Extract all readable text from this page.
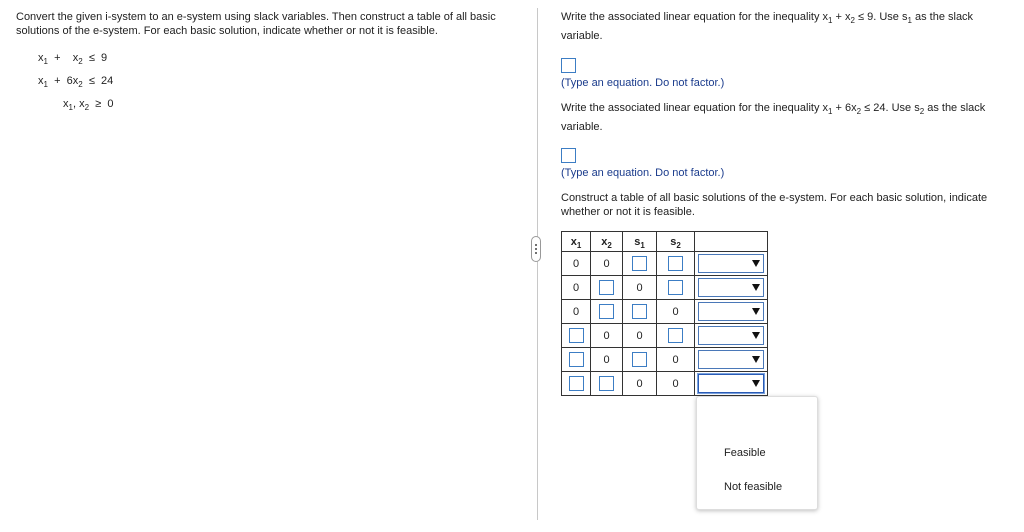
Convert the given i-system to an e-system using slack variables. Then construct a table of all basic solutions of the e-system. For each basic solution, indicate whether or not it is feasible.
$x_1 + x_2 \le 9$
$x_1 + 6x_2 \le 24$
$x_1$, $x_2 \ge 0$
Write the associated linear equation for the inequality $x_1 + x_2 \le 9$. Use $s_1$ as the slack variable.
(Type an equation. Do not factor.)
Write the associated linear equation for the inequality $x_1 + 6x_2 \le 24$. Use $s_2$ as the slack variable.
(Type an equation. Do not factor.)
Construct a table of all basic solutions of the e-system. For each basic solution, indicate whether or not it is feasible.
$x_1$	$x_2$	$s_1$	$s_2$	
0	0			

0		0		

0			0	

	0	0		

	0		0	

		0	0	
Feasible
Not feasible
